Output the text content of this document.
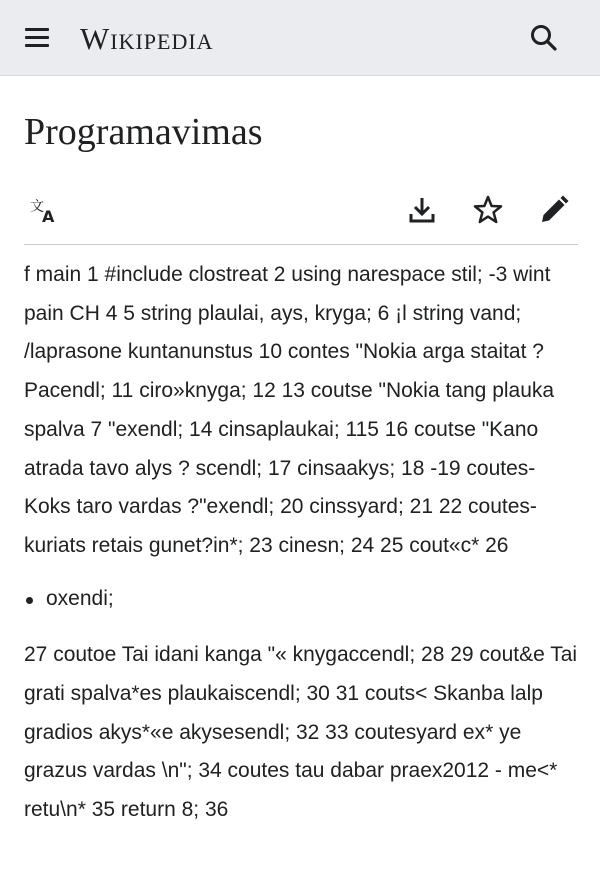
Wikipedia
Programavimas
文
A

f main 1 #include clostreat 2 using narespace stil; -3 wint pain CH 4 5 string plaulai, ays, kryga; 6 ¡l string vand; /laprasone kuntanunstus 10 contes "Nokia arga staitat ? Pacendl; 11 ciro»knyga; 12 13 coutse "Nokia tang plauka spalva 7 "exendl; 14 cinsaplaukai; 115 16 coutse "Kano atrada tavo alys ? scendl; 17 cinsaakys; 18 -19 coutes-Koks taro vardas ?"exendl; 20 cinssyard; 21 22 coutes-kuriats retais gunet?in*; 23 cinesn; 24 25 cout«c* 26

oxendi;

27 coutoe Tai idani kanga "« knygaccendl; 28 29 cout&e Tai grati spalva*es plaukaiscendl; 30 31 couts< Skanba lalp gradios akys*«e akysesendl; 32 33 coutesyard ex* ye grazus vardas \n"; 34 coutes tau dabar praex2012 - me<* retu\n* 35 return 8; 36
